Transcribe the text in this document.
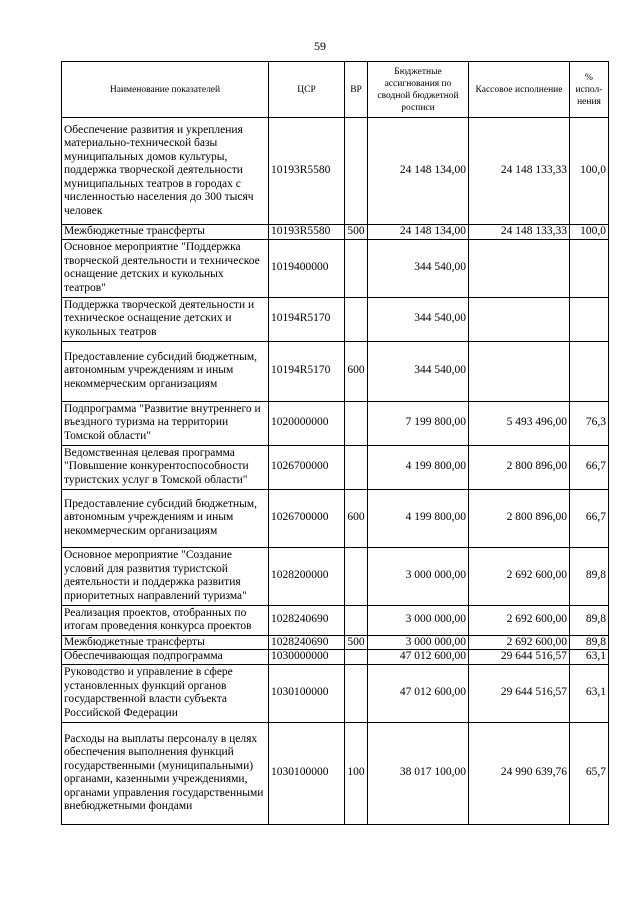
59
Наименование показателей	ЦСР	ВР	Бюджетные ассигнования по сводной бюджетной росписи	Кассовое исполнение	% испол-нения
Обеспечение развития и укрепления материально-технической базы муниципальных домов культуры, поддержка творческой деятельности муниципальных театров в городах с численностью населения до 300 тысяч человек	10193R5580		24 148 134,00	24 148 133,33	100,0
Межбюджетные трансферты	10193R5580	500	24 148 134,00	24 148 133,33	100,0
Основное мероприятие "Поддержка творческой деятельности и техническое оснащение детских и кукольных театров"	1019400000		344 540,00		
Поддержка творческой деятельности и техническое оснащение детских и кукольных театров	10194R5170		344 540,00		
Предоставление субсидий бюджетным, автономным учреждениям и иным некоммерческим организациям	10194R5170	600	344 540,00		
Подпрограмма "Развитие внутреннего и въездного туризма на территории Томской области"	1020000000		7 199 800,00	5 493 496,00	76,3
Ведомственная целевая программа "Повышение конкурентоспособности туристских услуг в Томской области"	1026700000		4 199 800,00	2 800 896,00	66,7
Предоставление субсидий бюджетным, автономным учреждениям и иным некоммерческим организациям	1026700000	600	4 199 800,00	2 800 896,00	66,7
Основное мероприятие "Создание условий для развития туристской деятельности и поддержка развития приоритетных направлений туризма"	1028200000		3 000 000,00	2 692 600,00	89,8
Реализация проектов, отобранных по итогам проведения конкурса проектов	1028240690		3 000 000,00	2 692 600,00	89,8
Межбюджетные трансферты	1028240690	500	3 000 000,00	2 692 600,00	89,8
Обеспечивающая подпрограмма	1030000000		47 012 600,00	29 644 516,57	63,1
Руководство и управление в сфере установленных функций органов государственной власти субъекта Российской Федерации	1030100000		47 012 600,00	29 644 516,57	63,1
Расходы на выплаты персоналу в целях обеспечения выполнения функций государственными (муниципальными) органами, казенными учреждениями, органами управления государственными внебюджетными фондами	1030100000	100	38 017 100,00	24 990 639,76	65,7
